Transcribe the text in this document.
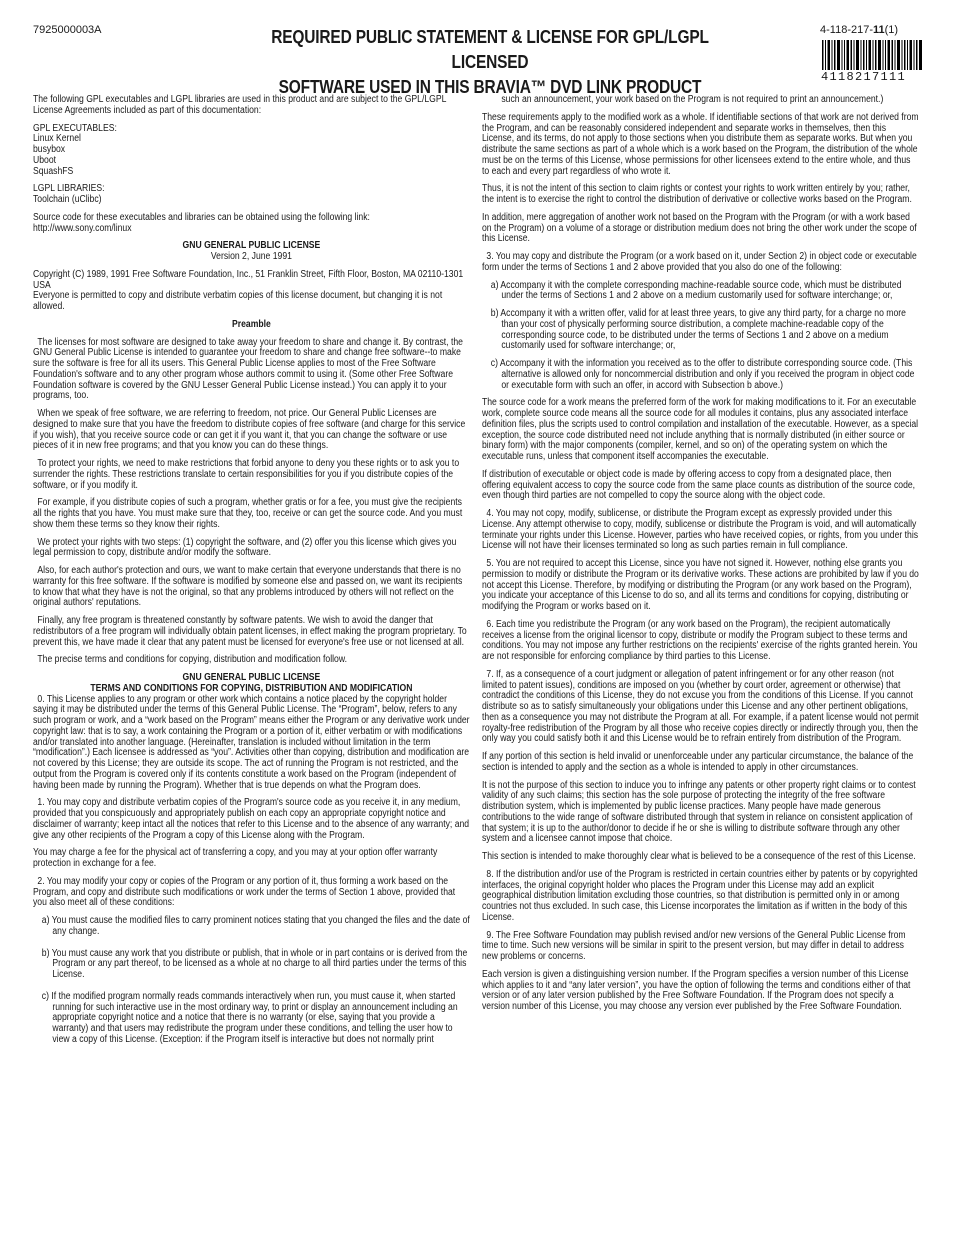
7925000003A	REQUIRED PUBLIC STATEMENT & LICENSE FOR GPL/LGPL LICENSED
SOFTWARE USED IN THIS BRAVIA™ DVD LINK PRODUCT
4-118-217-11(1)
4118217111

The following GPL executables and LGPL libraries are used in this product and are subject to the GPL/LGPL License Agreements included as part of this documentation:

GPL EXECUTABLES:
Linux Kernel
busybox
Uboot
SquashFS

LGPL LIBRARIES:
Toolchain (uClibc)

Source code for these executables and libraries can be obtained using the following link: http://www.sony.com/linux

GNU GENERAL PUBLIC LICENSE

Version 2, June 1991

Copyright (C) 1989, 1991 Free Software Foundation, Inc., 51 Franklin Street, Fifth Floor, Boston, MA 02110-1301 USA

Everyone is permitted to copy and distribute verbatim copies of this license document, but changing it is not allowed.

Preamble

The licenses for most software are designed to take away your freedom to share and change it. By contrast, the GNU General Public License is intended to guarantee your freedom to share and change free software--to make sure the software is free for all its users. This General Public License applies to most of the Free Software Foundation's software and to any other program whose authors commit to using it. (Some other Free Software Foundation software is covered by the GNU Lesser General Public License instead.) You can apply it to your programs, too.

When we speak of free software, we are referring to freedom, not price. Our General Public Licenses are designed to make sure that you have the freedom to distribute copies of free software (and charge for this service if you wish), that you receive source code or can get it if you want it, that you can change the software or use pieces of it in new free programs; and that you know you can do these things.

To protect your rights, we need to make restrictions that forbid anyone to deny you these rights or to ask you to surrender the rights. These restrictions translate to certain responsibilities for you if you distribute copies of the software, or if you modify it.

For example, if you distribute copies of such a program, whether gratis or for a fee, you must give the recipients all the rights that you have. You must make sure that they, too, receive or can get the source code. And you must show them these terms so they know their rights.

We protect your rights with two steps: (1) copyright the software, and (2) offer you this license which gives you legal permission to copy, distribute and/or modify the software.

Also, for each author's protection and ours, we want to make certain that everyone understands that there is no warranty for this free software. If the software is modified by someone else and passed on, we want its recipients to know that what they have is not the original, so that any problems introduced by others will not reflect on the original authors' reputations.

Finally, any free program is threatened constantly by software patents. We wish to avoid the danger that redistributors of a free program will individually obtain patent licenses, in effect making the program proprietary. To prevent this, we have made it clear that any patent must be licensed for everyone's free use or not licensed at all.

The precise terms and conditions for copying, distribution and modification follow.

GNU GENERAL PUBLIC LICENSE

TERMS AND CONDITIONS FOR COPYING, DISTRIBUTION AND MODIFICATION

0. This License applies to any program or other work which contains a notice placed by the copyright holder saying it may be distributed under the terms of this General Public License. The “Program”, below, refers to any such program or work, and a “work based on the Program” means either the Program or any derivative work under copyright law: that is to say, a work containing the Program or a portion of it, either verbatim or with modifications and/or translated into another language. (Hereinafter, translation is included without limitation in the term “modification”.) Each licensee is addressed as “you”. Activities other than copying, distribution and modification are not covered by this License; they are outside its scope. The act of running the Program is not restricted, and the output from the Program is covered only if its contents constitute a work based on the Program (independent of having been made by running the Program). Whether that is true depends on what the Program does.

1. You may copy and distribute verbatim copies of the Program's source code as you receive it, in any medium, provided that you conspicuously and appropriately publish on each copy an appropriate copyright notice and disclaimer of warranty; keep intact all the notices that refer to this License and to the absence of any warranty; and give any other recipients of the Program a copy of this License along with the Program.

You may charge a fee for the physical act of transferring a copy, and you may at your option offer warranty protection in exchange for a fee.

2. You may modify your copy or copies of the Program or any portion of it, thus forming a work based on the Program, and copy and distribute such modifications or work under the terms of Section 1 above, provided that you also meet all of these conditions:

a) You must cause the modified files to carry prominent notices stating that you changed the files and the date of any change.

b) You must cause any work that you distribute or publish, that in whole or in part contains or is derived from the Program or any part thereof, to be licensed as a whole at no charge to all third parties under the terms of this License.

c) If the modified program normally reads commands interactively when run, you must cause it, when started running for such interactive use in the most ordinary way, to print or display an announcement including an appropriate copyright notice and a notice that there is no warranty (or else, saying that you provide a warranty) and that users may redistribute the program under these conditions, and telling the user how to view a copy of this License. (Exception: if the Program itself is interactive but does not normally print

such an announcement, your work based on the Program is not required to print an announcement.)

These requirements apply to the modified work as a whole. If identifiable sections of that work are not derived from the Program, and can be reasonably considered independent and separate works in themselves, then this License, and its terms, do not apply to those sections when you distribute them as separate works. But when you distribute the same sections as part of a whole which is a work based on the Program, the distribution of the whole must be on the terms of this License, whose permissions for other licensees extend to the entire whole, and thus to each and every part regardless of who wrote it.

Thus, it is not the intent of this section to claim rights or contest your rights to work written entirely by you; rather, the intent is to exercise the right to control the distribution of derivative or collective works based on the Program.

In addition, mere aggregation of another work not based on the Program with the Program (or with a work based on the Program) on a volume of a storage or distribution medium does not bring the other work under the scope of this License.

3. You may copy and distribute the Program (or a work based on it, under Section 2) in object code or executable form under the terms of Sections 1 and 2 above provided that you also do one of the following:

a) Accompany it with the complete corresponding machine-readable source code, which must be distributed under the terms of Sections 1 and 2 above on a medium customarily used for software interchange; or,

b) Accompany it with a written offer, valid for at least three years, to give any third party, for a charge no more than your cost of physically performing source distribution, a complete machine-readable copy of the corresponding source code, to be distributed under the terms of Sections 1 and 2 above on a medium customarily used for software interchange; or,

c) Accompany it with the information you received as to the offer to distribute corresponding source code. (This alternative is allowed only for noncommercial distribution and only if you received the program in object code or executable form with such an offer, in accord with Subsection b above.)

The source code for a work means the preferred form of the work for making modifications to it. For an executable work, complete source code means all the source code for all modules it contains, plus any associated interface definition files, plus the scripts used to control compilation and installation of the executable. However, as a special exception, the source code distributed need not include anything that is normally distributed (in either source or binary form) with the major components (compiler, kernel, and so on) of the operating system on which the executable runs, unless that component itself accompanies the executable.

If distribution of executable or object code is made by offering access to copy from a designated place, then offering equivalent access to copy the source code from the same place counts as distribution of the source code, even though third parties are not compelled to copy the source along with the object code.

4. You may not copy, modify, sublicense, or distribute the Program except as expressly provided under this License. Any attempt otherwise to copy, modify, sublicense or distribute the Program is void, and will automatically terminate your rights under this License. However, parties who have received copies, or rights, from you under this License will not have their licenses terminated so long as such parties remain in full compliance.

5. You are not required to accept this License, since you have not signed it. However, nothing else grants you permission to modify or distribute the Program or its derivative works. These actions are prohibited by law if you do not accept this License. Therefore, by modifying or distributing the Program (or any work based on the Program), you indicate your acceptance of this License to do so, and all its terms and conditions for copying, distributing or modifying the Program or works based on it.

6. Each time you redistribute the Program (or any work based on the Program), the recipient automatically receives a license from the original licensor to copy, distribute or modify the Program subject to these terms and conditions. You may not impose any further restrictions on the recipients' exercise of the rights granted herein. You are not responsible for enforcing compliance by third parties to this License.

7. If, as a consequence of a court judgment or allegation of patent infringement or for any other reason (not limited to patent issues), conditions are imposed on you (whether by court order, agreement or otherwise) that contradict the conditions of this License, they do not excuse you from the conditions of this License. If you cannot distribute so as to satisfy simultaneously your obligations under this License and any other pertinent obligations, then as a consequence you may not distribute the Program at all. For example, if a patent license would not permit royalty-free redistribution of the Program by all those who receive copies directly or indirectly through you, then the only way you could satisfy both it and this License would be to refrain entirely from distribution of the Program.

If any portion of this section is held invalid or unenforceable under any particular circumstance, the balance of the section is intended to apply and the section as a whole is intended to apply in other circumstances.

It is not the purpose of this section to induce you to infringe any patents or other property right claims or to contest validity of any such claims; this section has the sole purpose of protecting the integrity of the free software distribution system, which is implemented by public license practices. Many people have made generous contributions to the wide range of software distributed through that system in reliance on consistent application of that system; it is up to the author/donor to decide if he or she is willing to distribute software through any other system and a licensee cannot impose that choice.

This section is intended to make thoroughly clear what is believed to be a consequence of the rest of this License.

8. If the distribution and/or use of the Program is restricted in certain countries either by patents or by copyrighted interfaces, the original copyright holder who places the Program under this License may add an explicit geographical distribution limitation excluding those countries, so that distribution is permitted only in or among countries not thus excluded. In such case, this License incorporates the limitation as if written in the body of this License.

9. The Free Software Foundation may publish revised and/or new versions of the General Public License from time to time. Such new versions will be similar in spirit to the present version, but may differ in detail to address new problems or concerns.

Each version is given a distinguishing version number. If the Program specifies a version number of this License which applies to it and “any later version”, you have the option of following the terms and conditions either of that version or of any later version published by the Free Software Foundation. If the Program does not specify a version number of this License, you may choose any version ever published by the Free Software Foundation.
